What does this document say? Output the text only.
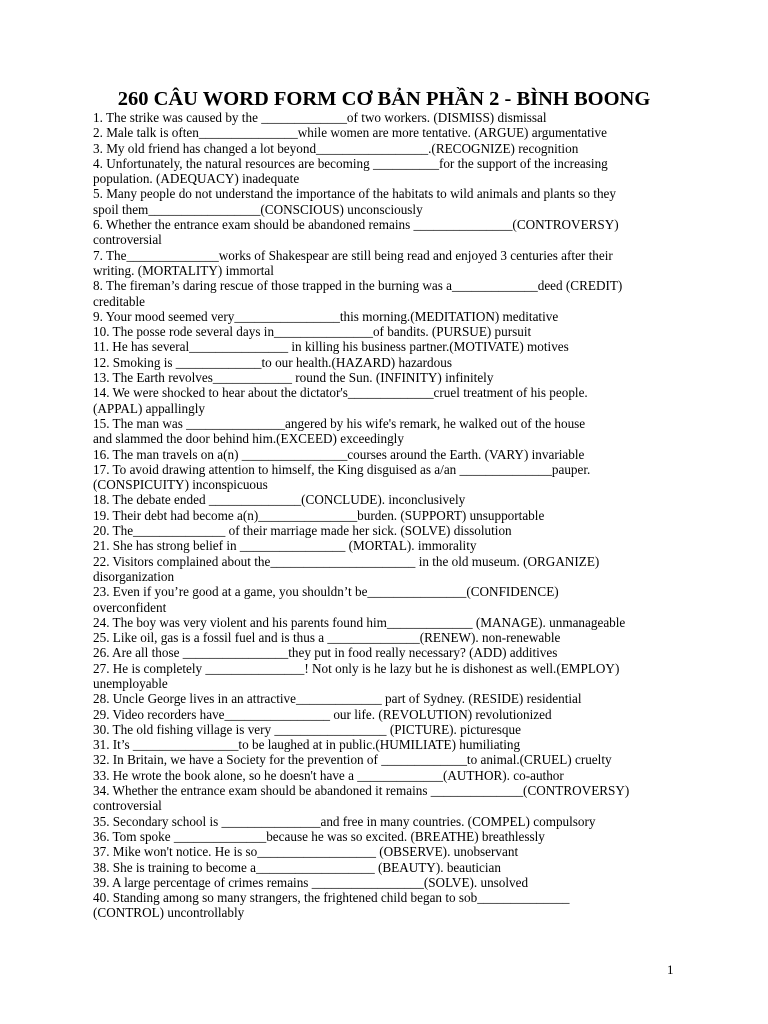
260 CÂU WORD FORM CƠ BẢN PHẦN 2 - BÌNH BOONG
1. The strike was caused by the _____________of two workers. (DISMISS) dismissal
2. Male talk is often_______________while women are more tentative. (ARGUE) argumentative
3. My old friend has changed a lot beyond_________________.(RECOGNIZE) recognition
4. Unfortunately, the natural resources are becoming __________for the support of the increasing
population. (ADEQUACY) inadequate
5. Many people do not understand the importance of the habitats to wild animals and plants so they
spoil them_________________(CONSCIOUS) unconsciously
6. Whether the entrance exam should be abandoned remains _______________(CONTROVERSY)
controversial
7. The______________works of Shakespear are still being read and enjoyed 3 centuries after their
writing. (MORTALITY) immortal
8. The fireman’s daring rescue of those trapped in the burning was a_____________deed (CREDIT)
creditable
9. Your mood seemed very________________this morning.(MEDITATION) meditative
10. The posse rode several days in_______________of bandits. (PURSUE) pursuit
11. He has several_______________ in killing his business partner.(MOTIVATE) motives
12. Smoking is _____________to our health.(HAZARD) hazardous
13. The Earth revolves____________ round the Sun. (INFINITY) infinitely
14. We were shocked to hear about the dictator's_____________cruel treatment of his people.
(APPAL) appallingly
15. The man was _______________angered by his wife's remark, he walked out of the house
and slammed the door behind him.(EXCEED) exceedingly
16. The man travels on a(n) ________________courses around the Earth. (VARY) invariable
17. To avoid drawing attention to himself, the King disguised as a/an ______________pauper.
(CONSPICUITY) inconspicuous
18. The debate ended ______________(CONCLUDE). inconclusively
19. Their debt had become a(n)_______________burden. (SUPPORT) unsupportable
20. The______________ of their marriage made her sick. (SOLVE) dissolution
21. She has strong belief in ________________ (MORTAL). immorality
22. Visitors complained about the______________________ in the old museum. (ORGANIZE)
disorganization
23. Even if you’re good at a game, you shouldn’t be_______________(CONFIDENCE)
overconfident
24. The boy was very violent and his parents found him_____________ (MANAGE). unmanageable
25. Like oil, gas is a fossil fuel and is thus a ______________(RENEW). non-renewable
26. Are all those ________________they put in food really necessary? (ADD) additives
27. He is completely _______________! Not only is he lazy but he is dishonest as well.(EMPLOY)
unemployable
28. Uncle George lives in an attractive_____________ part of Sydney. (RESIDE) residential
29. Video recorders have________________ our life. (REVOLUTION) revolutionized
30. The old fishing village is very _________________ (PICTURE). picturesque
31. It’s ________________to be laughed at in public.(HUMILIATE) humiliating
32. In Britain, we have a Society for the prevention of _____________to animal.(CRUEL) cruelty
33. He wrote the book alone, so he doesn't have a _____________(AUTHOR). co-author
34. Whether the entrance exam should be abandoned it remains ______________(CONTROVERSY)
controversial
35. Secondary school is _______________and free in many countries. (COMPEL) compulsory
36. Tom spoke ______________because he was so excited. (BREATHE) breathlessly
37. Mike won't notice. He is so__________________ (OBSERVE). unobservant
38. She is training to become a__________________ (BEAUTY). beautician
39. A large percentage of crimes remains _________________(SOLVE). unsolved
40. Standing among so many strangers, the frightened child began to sob______________
(CONTROL) uncontrollably
1
